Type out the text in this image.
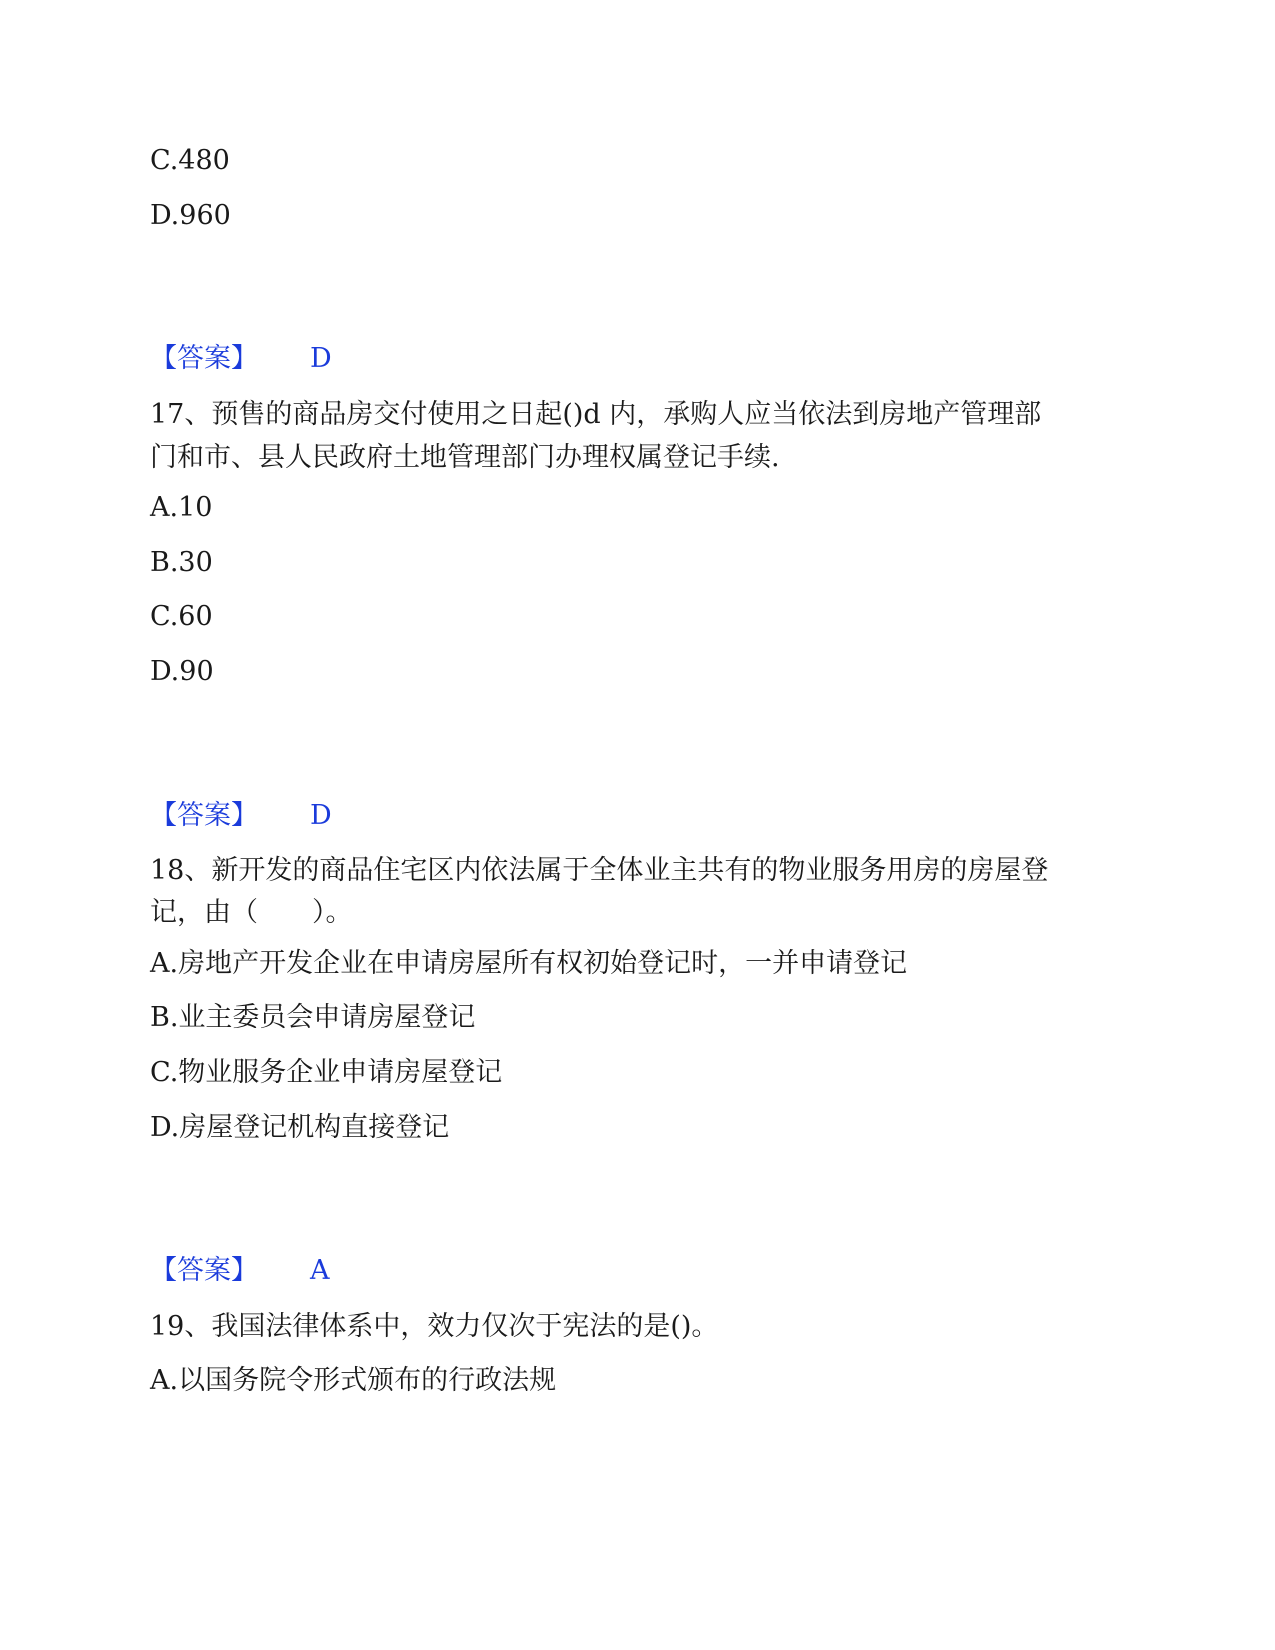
C.480
D.960
【答案】 D
17、预售的商品房交付使用之日起()d 内，承购人应当依法到房地产管理部
门和市、县人民政府土地管理部门办理权属登记手续.
A.10
B.30
C.60
D.90
【答案】 D
18、新开发的商品住宅区内依法属于全体业主共有的物业服务用房的房屋登
记，由（　　）。
A.房地产开发企业在申请房屋所有权初始登记时，一并申请登记
B.业主委员会申请房屋登记
C.物业服务企业申请房屋登记
D.房屋登记机构直接登记
【答案】 A
19、我国法律体系中，效力仅次于宪法的是()。
A.以国务院令形式颁布的行政法规
